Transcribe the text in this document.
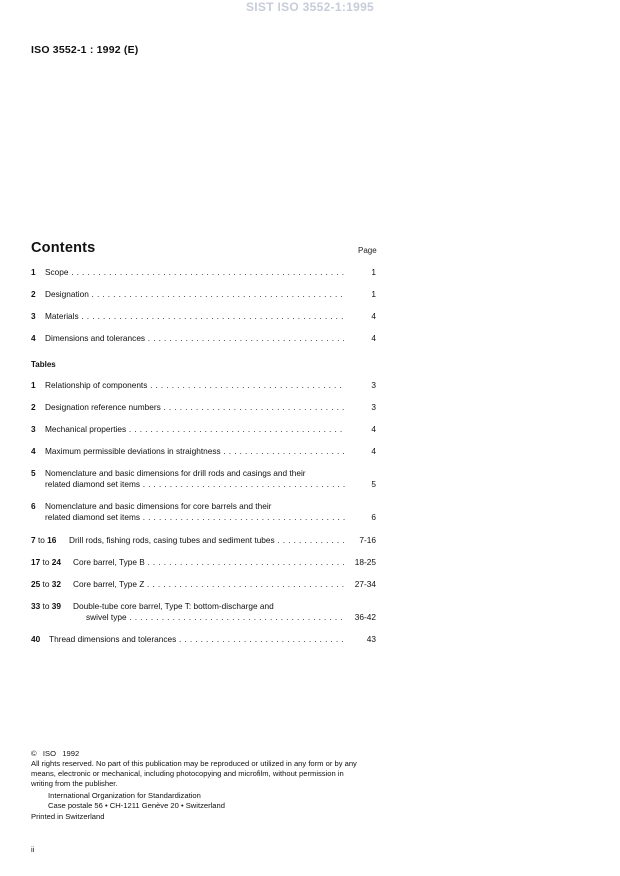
SIST ISO 3552-1:1995
ISO 3552-1 : 1992 (E)
Contents	Page
1 Scope . . .	1
2 Designation . . .	1
3 Materials . . .	4
4 Dimensions and tolerances . . .	4
Tables
1 Relationship of components . . .	3
2 Designation reference numbers . . .	3
3 Mechanical properties . . .	4
4 Maximum permissible deviations in straightness . . .	4
5 Nomenclature and basic dimensions for drill rods and casings and their
related diamond set items . . .	5
6 Nomenclature and basic dimensions for core barrels and their
related diamond set items . . .	6
7 to 16 Drill rods, fishing rods, casing tubes and sediment tubes . . .	7-16
17 to 24 Core barrel, Type B . . .	18-25
25 to 32 Core barrel, Type Z . . .	27-34
33 to 39 Double-tube core barrel, Type T: bottom-discharge and
swivel type . . .	36-42
40 Thread dimensions and tolerances . . .	43
©   ISO   1992
All rights reserved. No part of this publication may be reproduced or utilized in any form or by any
means, electronic or mechanical, including photocopying and microfilm, without permission in
writing from the publisher.
International Organization for Standardization
Case postale 56 • CH-1211 Genève 20 • Switzerland
Printed in Switzerland
ii
